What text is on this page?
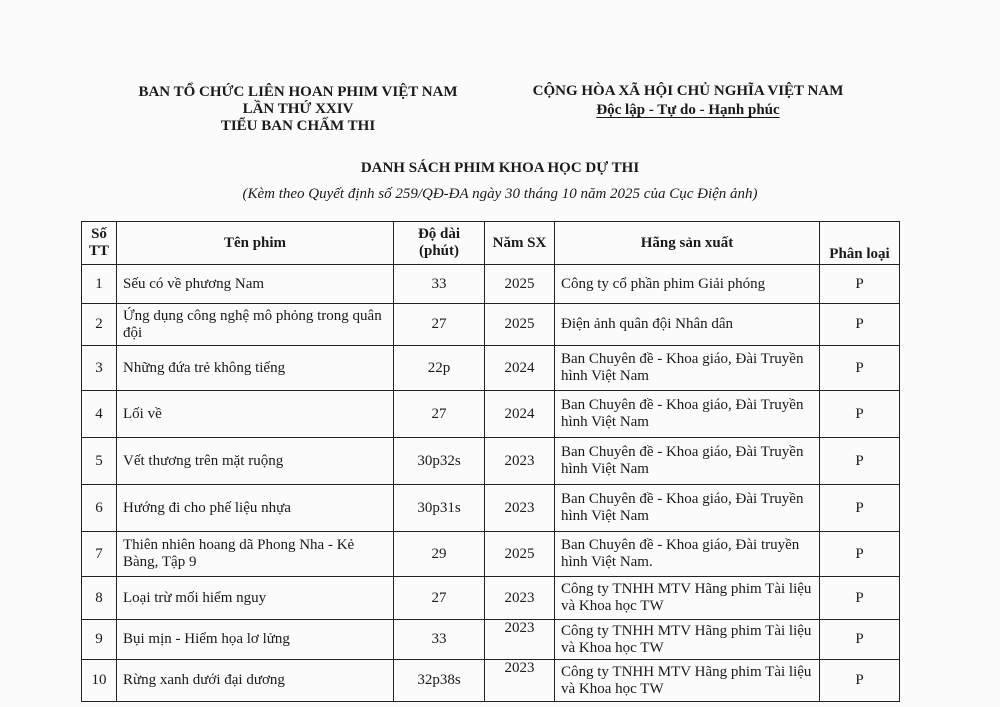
BAN TỔ CHỨC LIÊN HOAN PHIM VIỆT NAM
LẦN THỨ XXIV
TIỂU BAN CHẤM THI
CỘNG HÒA XÃ HỘI CHỦ NGHĨA VIỆT NAM
Độc lập - Tự do - Hạnh phúc
DANH SÁCH PHIM KHOA HỌC DỰ THI
(Kèm theo Quyết định số 259/QĐ-ĐA ngày 30 tháng 10 năm 2025 của Cục Điện ảnh)
Số TT	Tên phim	Độ dài (phút)	Năm SX	Hãng sản xuất	Phân loại
1	Sếu có về phương Nam	33	2025	Công ty cổ phần phim Giải phóng	P
2	Ứng dụng công nghệ mô phỏng trong quân đội	27	2025	Điện ảnh quân đội Nhân dân	P
3	Những đứa trẻ không tiếng	22p	2024	Ban Chuyên đề - Khoa giáo, Đài Truyền hình Việt Nam	P
4	Lối về	27	2024	Ban Chuyên đề - Khoa giáo, Đài Truyền hình Việt Nam	P
5	Vết thương trên mặt ruộng	30p32s	2023	Ban Chuyên đề - Khoa giáo, Đài Truyền hình Việt Nam	P
6	Hướng đi cho phế liệu nhựa	30p31s	2023	Ban Chuyên đề - Khoa giáo, Đài Truyền hình Việt Nam	P
7	Thiên nhiên hoang dã Phong Nha - Kẻ Bàng, Tập 9	29	2025	Ban Chuyên đề - Khoa giáo, Đài truyền hình Việt Nam.	P
8	Loại trừ mối hiểm nguy	27	2023	Công ty TNHH MTV Hãng phim Tài liệu và Khoa học TW	P
9	Bụi mịn - Hiểm họa lơ lửng	33	2023	Công ty TNHH MTV Hãng phim Tài liệu và Khoa học TW	P
10	Rừng xanh dưới đại dương	32p38s	2023	Công ty TNHH MTV Hãng phim Tài liệu và Khoa học TW	P
